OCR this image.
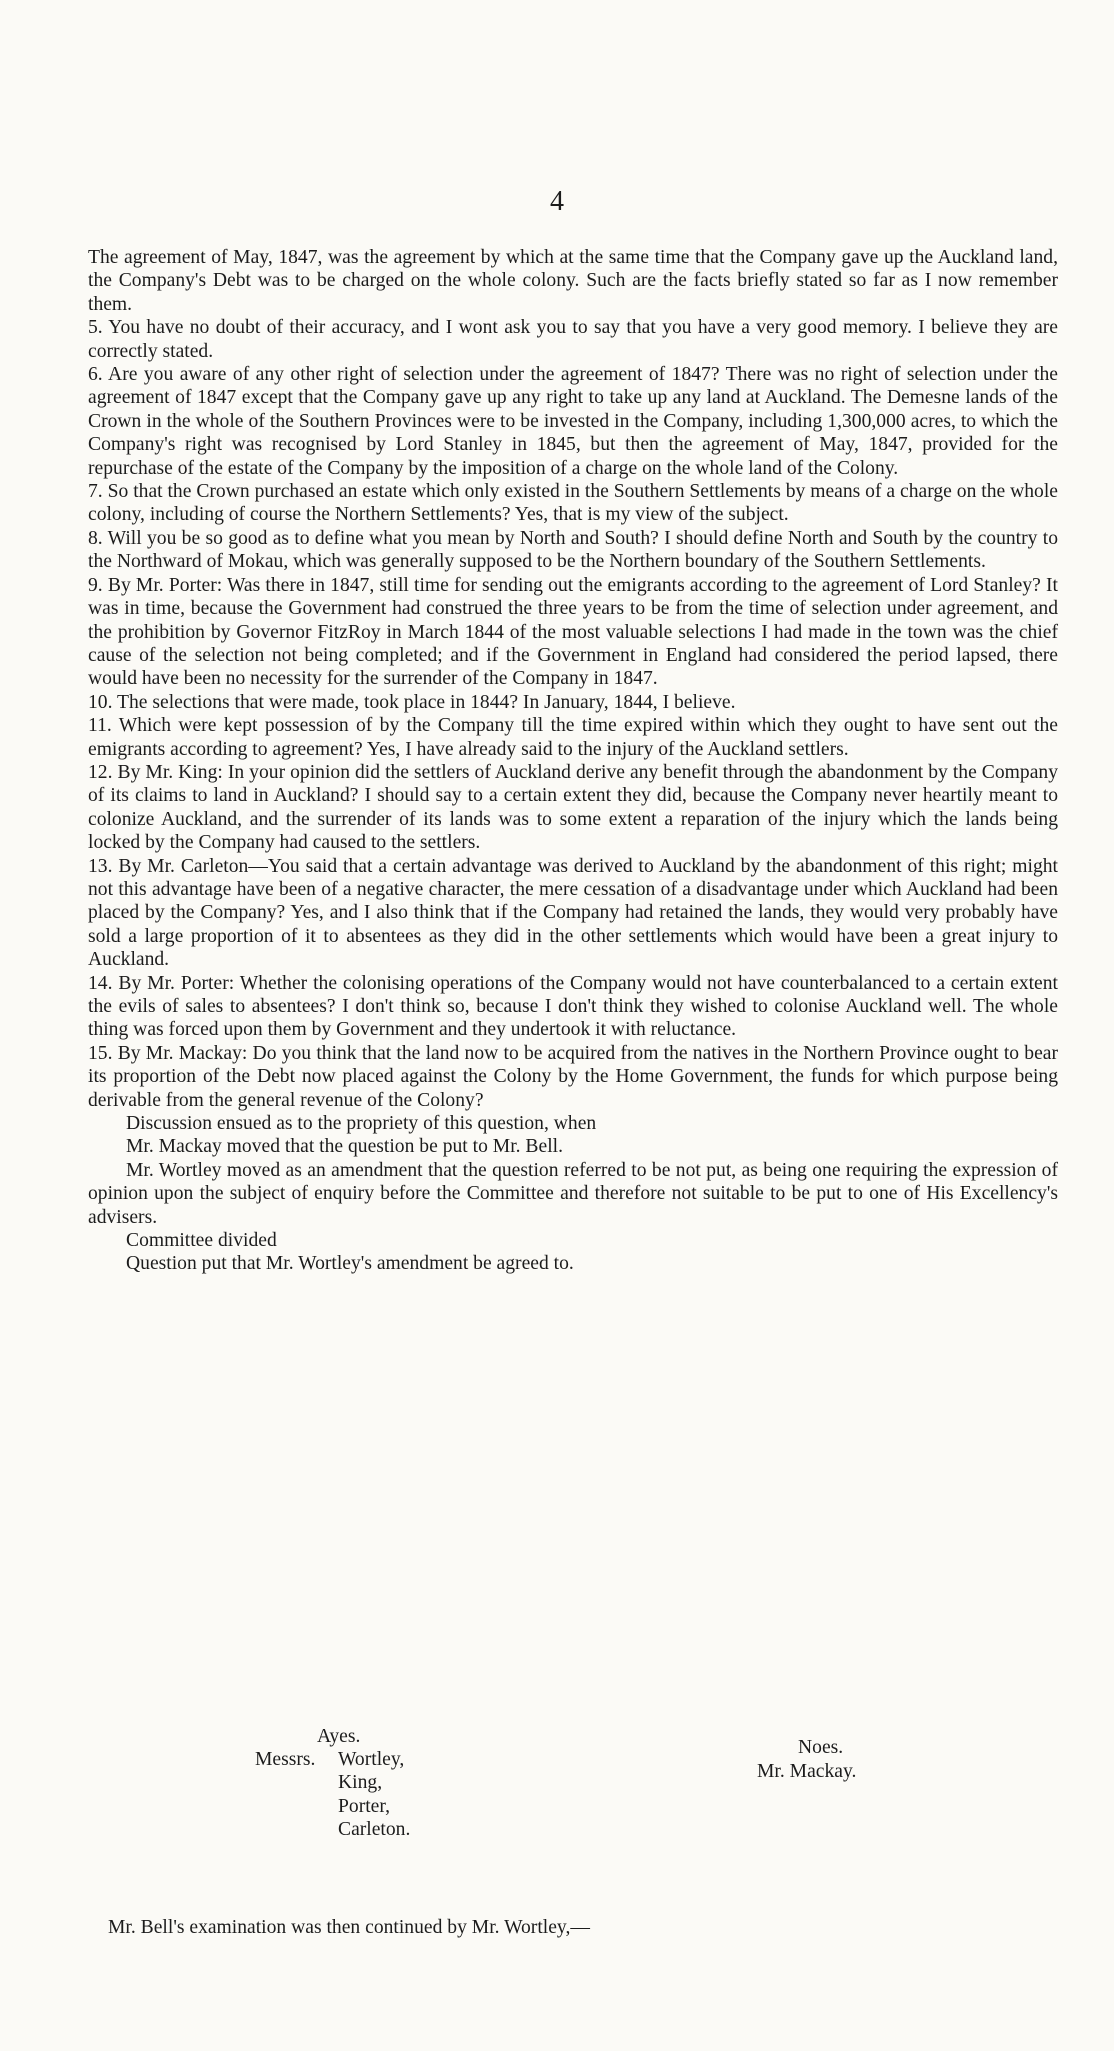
4

The agreement of May, 1847, was the agreement by which at the same time that the Company gave up the Auckland land, the Company's Debt was to be charged on the whole colony. Such are the facts briefly stated so far as I now remember them.

5. You have no doubt of their accuracy, and I wont ask you to say that you have a very good memory. I believe they are correctly stated.

6. Are you aware of any other right of selection under the agreement of 1847? There was no right of selection under the agreement of 1847 except that the Company gave up any right to take up any land at Auckland. The Demesne lands of the Crown in the whole of the Southern Provinces were to be invested in the Company, including 1,300,000 acres, to which the Company's right was recognised by Lord Stanley in 1845, but then the agreement of May, 1847, provided for the repurchase of the estate of the Company by the imposition of a charge on the whole land of the Colony.

7. So that the Crown purchased an estate which only existed in the Southern Settlements by means of a charge on the whole colony, including of course the Northern Settlements? Yes, that is my view of the subject.

8. Will you be so good as to define what you mean by North and South? I should define North and South by the country to the Northward of Mokau, which was generally supposed to be the Northern boundary of the Southern Settlements.

9. By Mr. Porter: Was there in 1847, still time for sending out the emigrants according to the agreement of Lord Stanley? It was in time, because the Government had construed the three years to be from the time of selection under agreement, and the prohibition by Governor FitzRoy in March 1844 of the most valuable selections I had made in the town was the chief cause of the selection not being completed; and if the Government in England had considered the period lapsed, there would have been no necessity for the surrender of the Company in 1847.

10. The selections that were made, took place in 1844? In January, 1844, I believe.

11. Which were kept possession of by the Company till the time expired within which they ought to have sent out the emigrants according to agreement? Yes, I have already said to the injury of the Auckland settlers.

12. By Mr. King: In your opinion did the settlers of Auckland derive any benefit through the abandonment by the Company of its claims to land in Auckland? I should say to a certain extent they did, because the Company never heartily meant to colonize Auckland, and the surrender of its lands was to some extent a reparation of the injury which the lands being locked by the Company had caused to the settlers.

13. By Mr. Carleton—You said that a certain advantage was derived to Auckland by the abandonment of this right; might not this advantage have been of a negative character, the mere cessation of a disadvantage under which Auckland had been placed by the Company? Yes, and I also think that if the Company had retained the lands, they would very probably have sold a large proportion of it to absentees as they did in the other settlements which would have been a great injury to Auckland.

14. By Mr. Porter: Whether the colonising operations of the Company would not have counterbalanced to a certain extent the evils of sales to absentees? I don't think so, because I don't think they wished to colonise Auckland well. The whole thing was forced upon them by Government and they undertook it with reluctance.

15. By Mr. Mackay: Do you think that the land now to be acquired from the natives in the Northern Province ought to bear its proportion of the Debt now placed against the Colony by the Home Government, the funds for which purpose being derivable from the general revenue of the Colony?

Discussion ensued as to the propriety of this question, when

Mr. Mackay moved that the question be put to Mr. Bell.

Mr. Wortley moved as an amendment that the question referred to be not put, as being one requiring the expression of opinion upon the subject of enquiry before the Committee and therefore not suitable to be put to one of His Excellency's advisers.

Committee divided

Question put that Mr. Wortley's amendment be agreed to.

Ayes.
Messrs. Wortley,
King,
Porter,
Carleton.
Noes.
Mr. Mackay.
Mr. Bell's examination was then continued by Mr. Wortley,—
